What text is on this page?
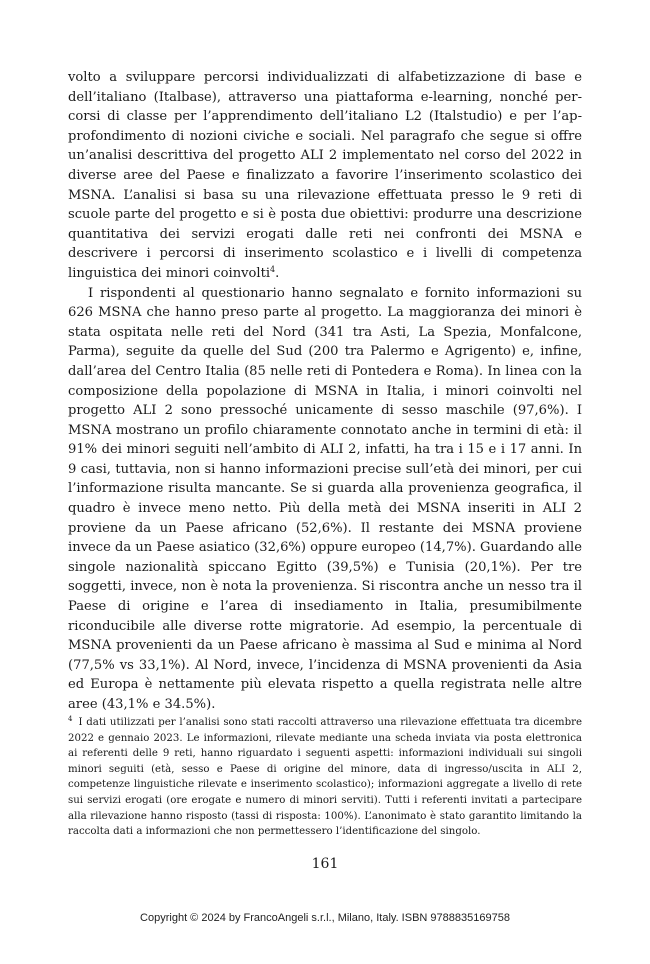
volto a sviluppare percorsi individualizzati di alfabetizzazione di base e dell’italiano (Italbase), attraverso una piattaforma e-learning, nonché percorsi di classe per l’apprendimento dell’italiano L2 (Italstudio) e per l’approfondimento di nozioni civiche e sociali. Nel paragrafo che segue si offre un’analisi descrittiva del progetto ALI 2 implementato nel corso del 2022 in diverse aree del Paese e finalizzato a favorire l’inserimento scolastico dei MSNA. L’analisi si basa su una rilevazione effettuata presso le 9 reti di scuole parte del progetto e si è posta due obiettivi: produrre una descrizione quantitativa dei servizi erogati dalle reti nei confronti dei MSNA e descrivere i percorsi di inserimento scolastico e i livelli di competenza linguistica dei minori coinvolti$^4$.

I rispondenti al questionario hanno segnalato e fornito informazioni su 626 MSNA che hanno preso parte al progetto. La maggioranza dei minori è stata ospitata nelle reti del Nord (341 tra Asti, La Spezia, Monfalcone, Parma), seguite da quelle del Sud (200 tra Palermo e Agrigento) e, infine, dall’area del Centro Italia (85 nelle reti di Pontedera e Roma). In linea con la composizione della popolazione di MSNA in Italia, i minori coinvolti nel progetto ALI 2 sono pressoché unicamente di sesso maschile (97,6%). I MSNA mostrano un profilo chiaramente connotato anche in termini di età: il 91% dei minori seguiti nell’ambito di ALI 2, infatti, ha tra i 15 e i 17 anni. In 9 casi, tuttavia, non si hanno informazioni precise sull’età dei minori, per cui l’informazione risulta mancante. Se si guarda alla provenienza geografica, il quadro è invece meno netto. Più della metà dei MSNA inseriti in ALI 2 proviene da un Paese africano (52,6%). Il restante dei MSNA proviene invece da un Paese asiatico (32,6%) oppure europeo (14,7%). Guardando alle singole nazionalità spiccano Egitto (39,5%) e Tunisia (20,1%). Per tre soggetti, invece, non è nota la provenienza. Si riscontra anche un nesso tra il Paese di origine e l’area di insediamento in Italia, presumibilmente riconducibile alle diverse rotte migratorie. Ad esempio, la percentuale di MSNA provenienti da un Paese africano è massima al Sud e minima al Nord (77,5% vs 33,1%). Al Nord, invece, l’incidenza di MSNA provenienti da Asia ed Europa è nettamente più elevata rispetto a quella registrata nelle altre aree (43,1% e 34.5%).

$^4$ I dati utilizzati per l’analisi sono stati raccolti attraverso una rilevazione effettuata tra dicembre 2022 e gennaio 2023. Le informazioni, rilevate mediante una scheda inviata via posta elettronica ai referenti delle 9 reti, hanno riguardato i seguenti aspetti: informazioni individuali sui singoli minori seguiti (età, sesso e Paese di origine del minore, data di ingresso/uscita in ALI 2, competenze linguistiche rilevate e inserimento scolastico); informazioni aggregate a livello di rete sui servizi erogati (ore erogate e numero di minori serviti). Tutti i referenti invitati a partecipare alla rilevazione hanno risposto (tassi di risposta: 100%). L’anonimato è stato garantito limitando la raccolta dati a informazioni che non permettessero l’identificazione del singolo.

161
Copyright © 2024 by FrancoAngeli s.r.l., Milano, Italy. ISBN 9788835169758
